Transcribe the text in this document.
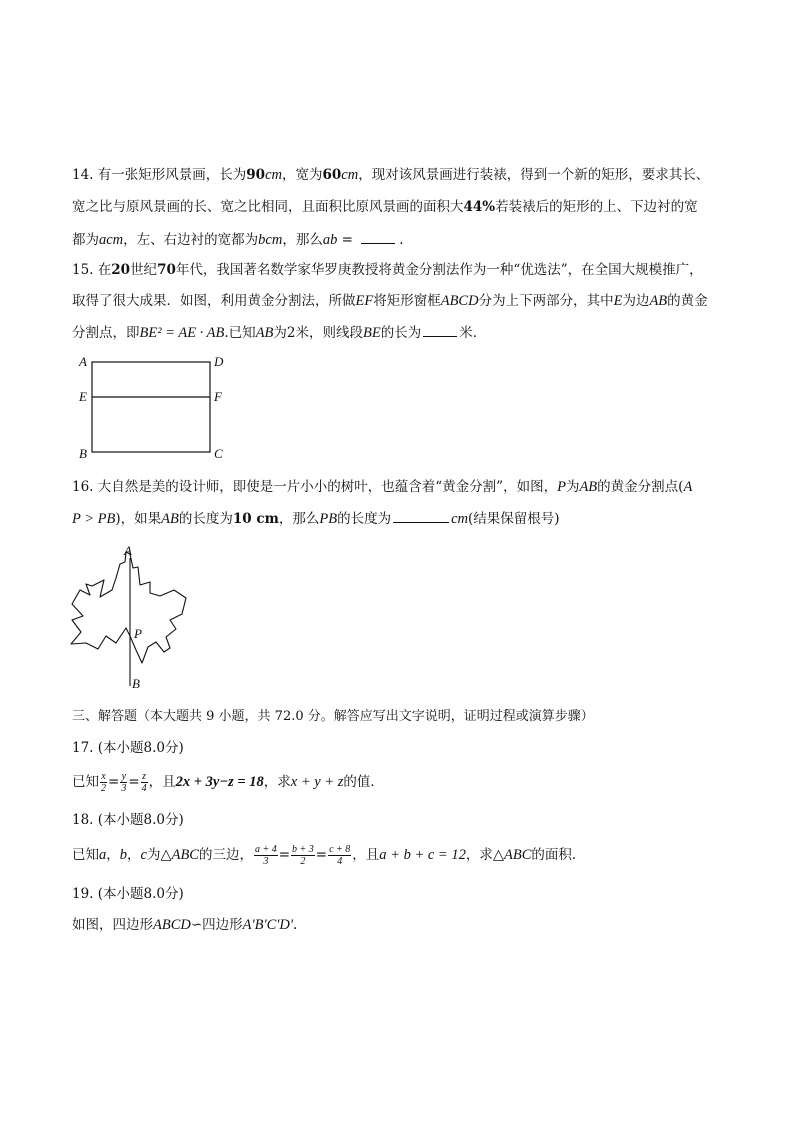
14. 有一张矩形风景画，长为90cm，宽为60cm，现对该风景画进行装裱，得到一个新的矩形，要求其长、
宽之比与原风景画的长、宽之比相同，且面积比原风景画的面积大44%若装裱后的矩形的上、下边衬的宽
都为acm，左、右边衬的宽都为bcm，那么ab =	.
15. 在20世纪70年代，我国著名数学家华罗庚教授将黄金分割法作为一种“优选法”，在全国大规模推广，
取得了很大成果．如图，利用黄金分割法，所做EF将矩形窗框ABCD分为上下两部分，其中E为边AB的黄金
分割点，即BE² = AE · AB.已知AB为2米，则线段BE的长为	米．
A	D
E	F
B	C
16. 大自然是美的设计师，即使是一片小小的树叶，也蕴含着“黄金分割”，如图，P为AB的黄金分割点(A
P > PB)，如果AB的长度为10 cm，那么PB的长度为	cm(结果保留根号)
A
P
B
三、解答题（本大题共 9 小题，共 72.0 分。解答应写出文字说明，证明过程或演算步骤）
17. (本小题8.0分)
已知 $\frac{x}{2} = \frac{y}{3} = \frac{z}{4}$ ，且2x + 3y−z = 18，求x + y + z的值．
18. (本小题8.0分)
已知a，b，c为△ABC的三边， $\frac{a + 4}{3} = \frac{b + 3}{2} = \frac{c + 8}{4}$ ，且a + b + c = 12，求△ABC的面积．
19. (本小题8.0分)
如图，四边形ABCD∽四边形A'B'C'D'.
